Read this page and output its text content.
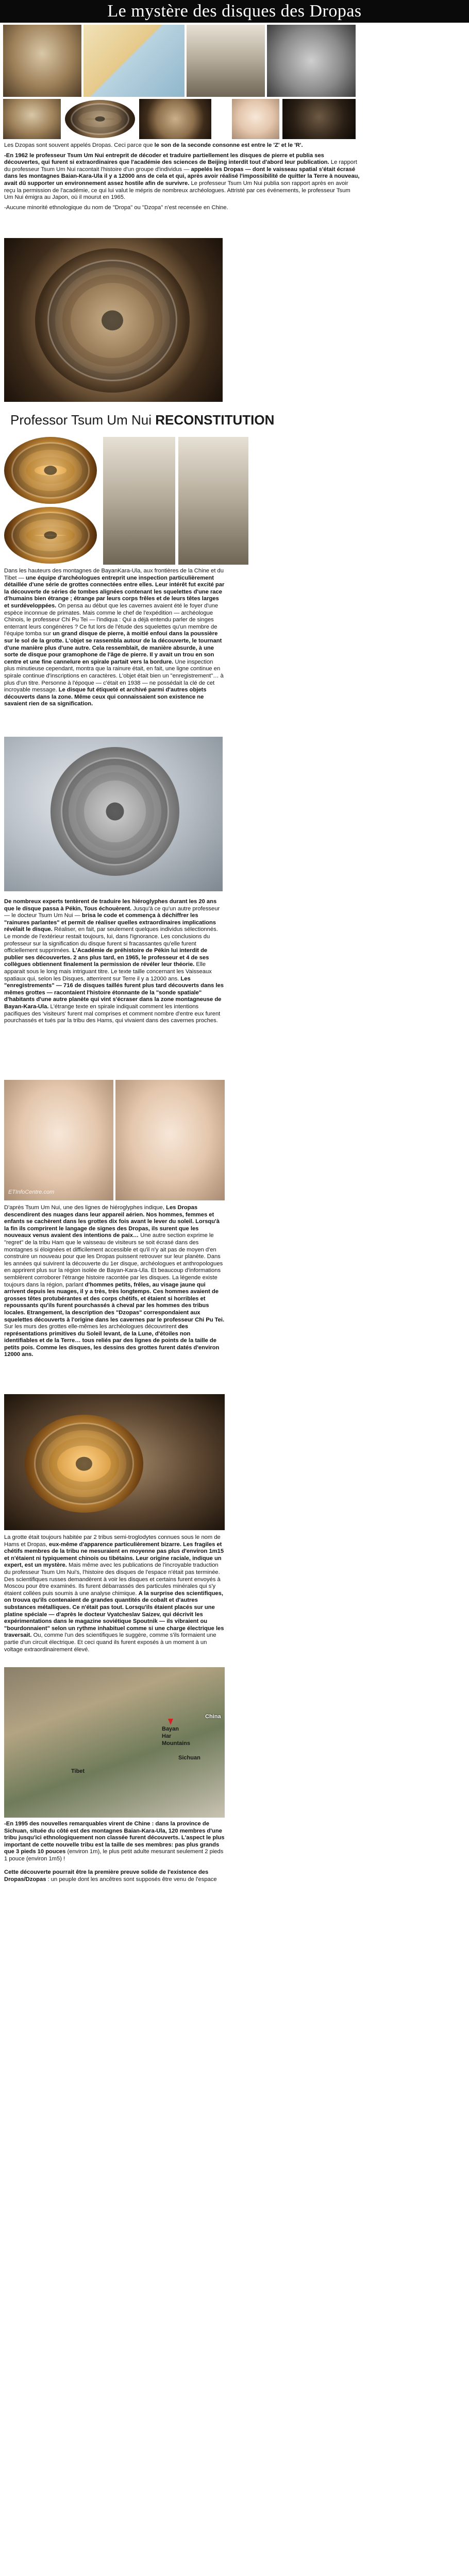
Le mystère des disques des Dropas

Les Dzopas sont souvent appelés Dropas. Ceci parce que le son de la seconde consonne est entre le 'Z' et le 'R'.

-En 1962 le professeur Tsum Um Nui entreprit de décoder et traduire partiellement les disques de pierre et publia ses découvertes, qui furent si extraordinaires que l'académie des sciences de Beijing interdit tout d'abord leur publication. Le rapport du professeur Tsum Um Nui racontait l'histoire d'un groupe d'individus — appelés les Dropas — dont le vaisseau spatial s'était écrasé dans les montagnes Baian-Kara-Ula il y a 12000 ans de cela et qui, après avoir réalisé l'impossibilité de quitter la Terre à nouveau, avait dû supporter un environnement assez hostile afin de survivre. Le professeur Tsum Um Nui publia son rapport après en avoir reçu la permission de l'académie, ce qui lui valut le mépris de nombreux archéologues. Attristé par ces événements, le professeur Tsum Um Nui émigra au Japon, où il mourut en 1965.

-Aucune minorité ethnologique du nom de "Dropa" ou "Dzopa" n'est recensée en Chine.

Professor Tsum Um Nui RECONSTITUTION
Dans les hauteurs des montagnes de BayanKara-Ula, aux frontières de la Chine et du Tibet — une équipe d'archéologues entreprit une inspection particulièrement détaillée d'une série de grottes connectées entre elles. Leur intérêt fut excité par la découverte de séries de tombes alignées contenant les squelettes d'une race d'humains bien étrange ; étrange par leurs corps frêles et de leurs têtes larges et surdéveloppées. On pensa au début que les cavernes avaient été le foyer d'une espèce inconnue de primates. Mais comme le chef de l'expédition — archéologue Chinois, le professeur Chi Pu Tei — l'indiqua : Qui a déjà entendu parler de singes enterrant leurs congénères ? Ce fut lors de l'étude des squelettes qu'un membre de l'équipe tomba sur un grand disque de pierre, à moitié enfoui dans la poussière sur le sol de la grotte. L'objet se rassembla autour de la découverte, le tournant d'une manière plus d'une autre. Cela ressemblait, de manière absurde, à une sorte de disque pour gramophone de l'âge de pierre. Il y avait un trou en son centre et une fine cannelure en spirale partait vers la bordure. Une inspection plus minutieuse cependant, montra que la rainure était, en fait, une ligne continue en spirale continue d'inscriptions en caractères. L'objet était bien un "enregistrement"… à plus d'un titre. Personne à l'époque — c'était en 1938 — ne possédait la clé de cet incroyable message. Le disque fut étiqueté et archivé parmi d'autres objets découverts dans la zone. Même ceux qui connaissaient son existence ne savaient rien de sa signification.
De nombreux experts tentèrent de traduire les hiéroglyphes durant les 20 ans que le disque passa à Pékin, Tous échouèrent. Jusqu'à ce qu'un autre professeur — le docteur Tsum Um Nui — brisa le code et commença à déchiffrer les "rainures parlantes" et permit de réaliser quelles extraordinaires implications révélait le disque. Réaliser, en fait, par seulement quelques individus sélectionnés. Le monde de l'extérieur restait toujours, lui, dans l'ignorance. Les conclusions du professeur sur la signification du disque furent si fracassantes qu'elle furent officiellement supprimées. L'Académie de préhistoire de Pékin lui interdit de publier ses découvertes. 2 ans plus tard, en 1965, le professeur et 4 de ses collègues obtiennent finalement la permission de révéler leur théorie. Elle apparait sous le long mais intriguant titre. Le texte taille concernant les Vaisseaux spatiaux qui, selon les Disques, atterrirent sur Terre il y a 12000 ans. Les "enregistrements" — 716 de disques taillés furent plus tard découverts dans les mêmes grottes — racontaient l'histoire étonnante de la "sonde spatiale" d'habitants d'une autre planète qui vint s'écraser dans la zone montagneuse de Bayan-Kara-Ula. L'étrange texte en spirale indiquait comment les intentions pacifiques des 'visiteurs' furent mal comprises et comment nombre d'entre eux furent pourchassés et tués par la tribu des Hams, qui vivaient dans des cavernes proches.
ETInfoCentre.com
D'après Tsum Um Nui, une des lignes de hiéroglyphes indique, Les Dropas descendirent des nuages dans leur appareil aérien. Nos hommes, femmes et enfants se cachèrent dans les grottes dix fois avant le lever du soleil. Lorsqu'à la fin ils comprirent le langage de signes des Dropas, ils surent que les nouveaux venus avaient des intentions de paix… Une autre section exprime le "regret" de la tribu Ham que le vaisseau de visiteurs se soit écrasé dans des montagnes si éloignées et difficilement accessible et qu'il n'y ait pas de moyen d'en construire un nouveau pour que les Dropas puissent retrouver sur leur planète. Dans les années qui suivirent la découverte du 1er disque, archéologues et anthropologues en apprirent plus sur la région isolée de Bayan-Kara-Ula. Et beaucoup d'informations semblèrent corroborer l'étrange histoire racontée par les disques. La légende existe toujours dans la région, parlant d'hommes petits, frêles, au visage jaune qui arrivent depuis les nuages, il y a très, très longtemps. Ces hommes avaient de grosses têtes protubérantes et des corps chétifs, et étaient si horribles et repoussants qu'ils furent pourchassés à cheval par les hommes des tribus locales. Etrangement, la description des "Dzopas" correspondaient aux squelettes découverts à l'origine dans les cavernes par le professeur Chi Pu Tei. Sur les murs des grottes elle-mêmes les archéologues découvrirent des représentations primitives du Soleil levant, de la Lune, d'étoiles non identifiables et de la Terre… tous reliés par des lignes de points de la taille de petits pois. Comme les disques, les dessins des grottes furent datés d'environ 12000 ans.
La grotte était toujours habitée par 2 tribus semi-troglodytes connues sous le nom de Hams et Dropas, eux-même d'apparence particulièrement bizarre. Les fragiles et chétifs membres de la tribu ne mesuraient en moyenne pas plus d'environ 1m15 et n'étaient ni typiquement chinois ou tibétains. Leur origine raciale, indique un expert, est un mystère. Mais même avec les publications de l'incroyable traduction du professeur Tsum Um Nui's, l'histoire des disques de l'espace n'était pas terminée. Des scientifiques russes demandèrent à voir les disques et certains furent envoyés à Moscou pour être examinés. Ils furent débarrassés des particules minérales qui s'y étaient collées puis soumis à une analyse chimique. A la surprise des scientifiques, on trouva qu'ils contenaient de grandes quantités de cobalt et d'autres substances métalliques. Ce n'était pas tout. Lorsqu'ils étaient placés sur une platine spéciale — d'après le docteur Vyatcheslav Saizev, qui décrivit les expérimentations dans le magazine soviétique Spoutnik — ils vibraient ou "bourdonnaient" selon un rythme inhabituel comme si une charge électrique les traversait. Ou, comme l'un des scientifiques le suggère, comme s'ils formaient une partie d'un circuit électrique. Et ceci quand ils furent exposés à un moment à un voltage extraordinairement élevé.
Bayan
Har
Mountains
Sichuan
Tibet
China
-En 1995 des nouvelles remarquables virent de Chine : dans la province de Sichuan, située du côté est des montagnes Baian-Kara-Ula, 120 membres d'une tribu jusqu'ici ethnologiquement non classée furent découverts. L'aspect le plus important de cette nouvelle tribu est la taille de ses membres: pas plus grands que 3 pieds 10 pouces (environ 1m), le plus petit adulte mesurant seulement 2 pieds 1 pouce (environ 1m5) !
Cette découverte pourrait être la première preuve solide de l'existence des Dropas/Dzopas : un peuple dont les ancêtres sont supposés être venu de l'espace
